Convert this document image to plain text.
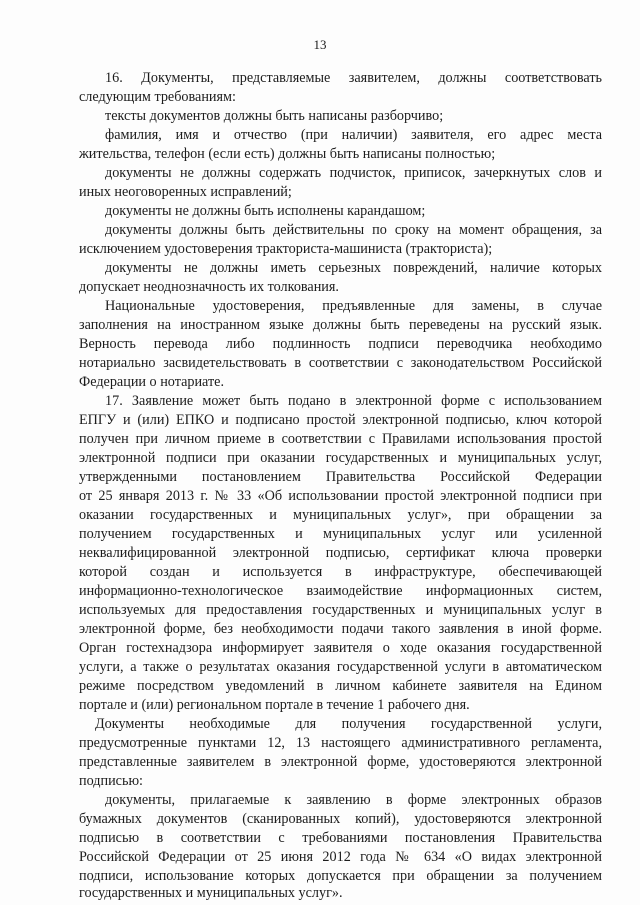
13
16. Документы, представляемые заявителем, должны соответствовать
следующим требованиям:
тексты документов должны быть написаны разборчиво;
фамилия, имя и отчество (при наличии) заявителя, его адрес места
жительства, телефон (если есть) должны быть написаны полностью;
документы не должны содержать подчисток, приписок, зачеркнутых слов и
иных неоговоренных исправлений;
документы не должны быть исполнены карандашом;
документы должны быть действительны по сроку на момент обращения, за
исключением удостоверения тракториста-машиниста (тракториста);
документы не должны иметь серьезных повреждений, наличие которых
допускает неоднозначность их толкования.
Национальные удостоверения, предъявленные для замены, в случае
заполнения на иностранном языке должны быть переведены на русский язык.
Верность перевода либо подлинность подписи переводчика необходимо
нотариально засвидетельствовать в соответствии с законодательством Российской
Федерации о нотариате.
17. Заявление может быть подано в электронной форме с использованием
ЕПГУ и (или) ЕПКО и подписано простой электронной подписью, ключ которой
получен при личном приеме в соответствии с Правилами использования простой
электронной подписи при оказании государственных и муниципальных услуг,
утвержденными постановлением Правительства Российской Федерации
от 25 января 2013 г. № 33 «Об использовании простой электронной подписи при
оказании государственных и муниципальных услуг», при обращении за
получением государственных и муниципальных услуг или усиленной
неквалифицированной электронной подписью, сертификат ключа проверки
которой создан и используется в инфраструктуре, обеспечивающей
информационно-технологическое взаимодействие информационных систем,
используемых для предоставления государственных и муниципальных услуг в
электронной форме, без необходимости подачи такого заявления в иной форме.
Орган гостехнадзора информирует заявителя о ходе оказания государственной
услуги, а также о результатах оказания государственной услуги в автоматическом
режиме посредством уведомлений в личном кабинете заявителя на Едином
портале и (или) региональном портале в течение 1 рабочего дня.
Документы необходимые для получения государственной услуги,
предусмотренные пунктами 12, 13 настоящего административного регламента,
представленные заявителем в электронной форме, удостоверяются электронной
подписью:
документы, прилагаемые к заявлению в форме электронных образов
бумажных документов (сканированных копий), удостоверяются электронной
подписью в соответствии с требованиями постановления Правительства
Российской Федерации от 25 июня 2012 года № 634 «О видах электронной
подписи, использование которых допускается при обращении за получением
государственных и муниципальных услуг».
